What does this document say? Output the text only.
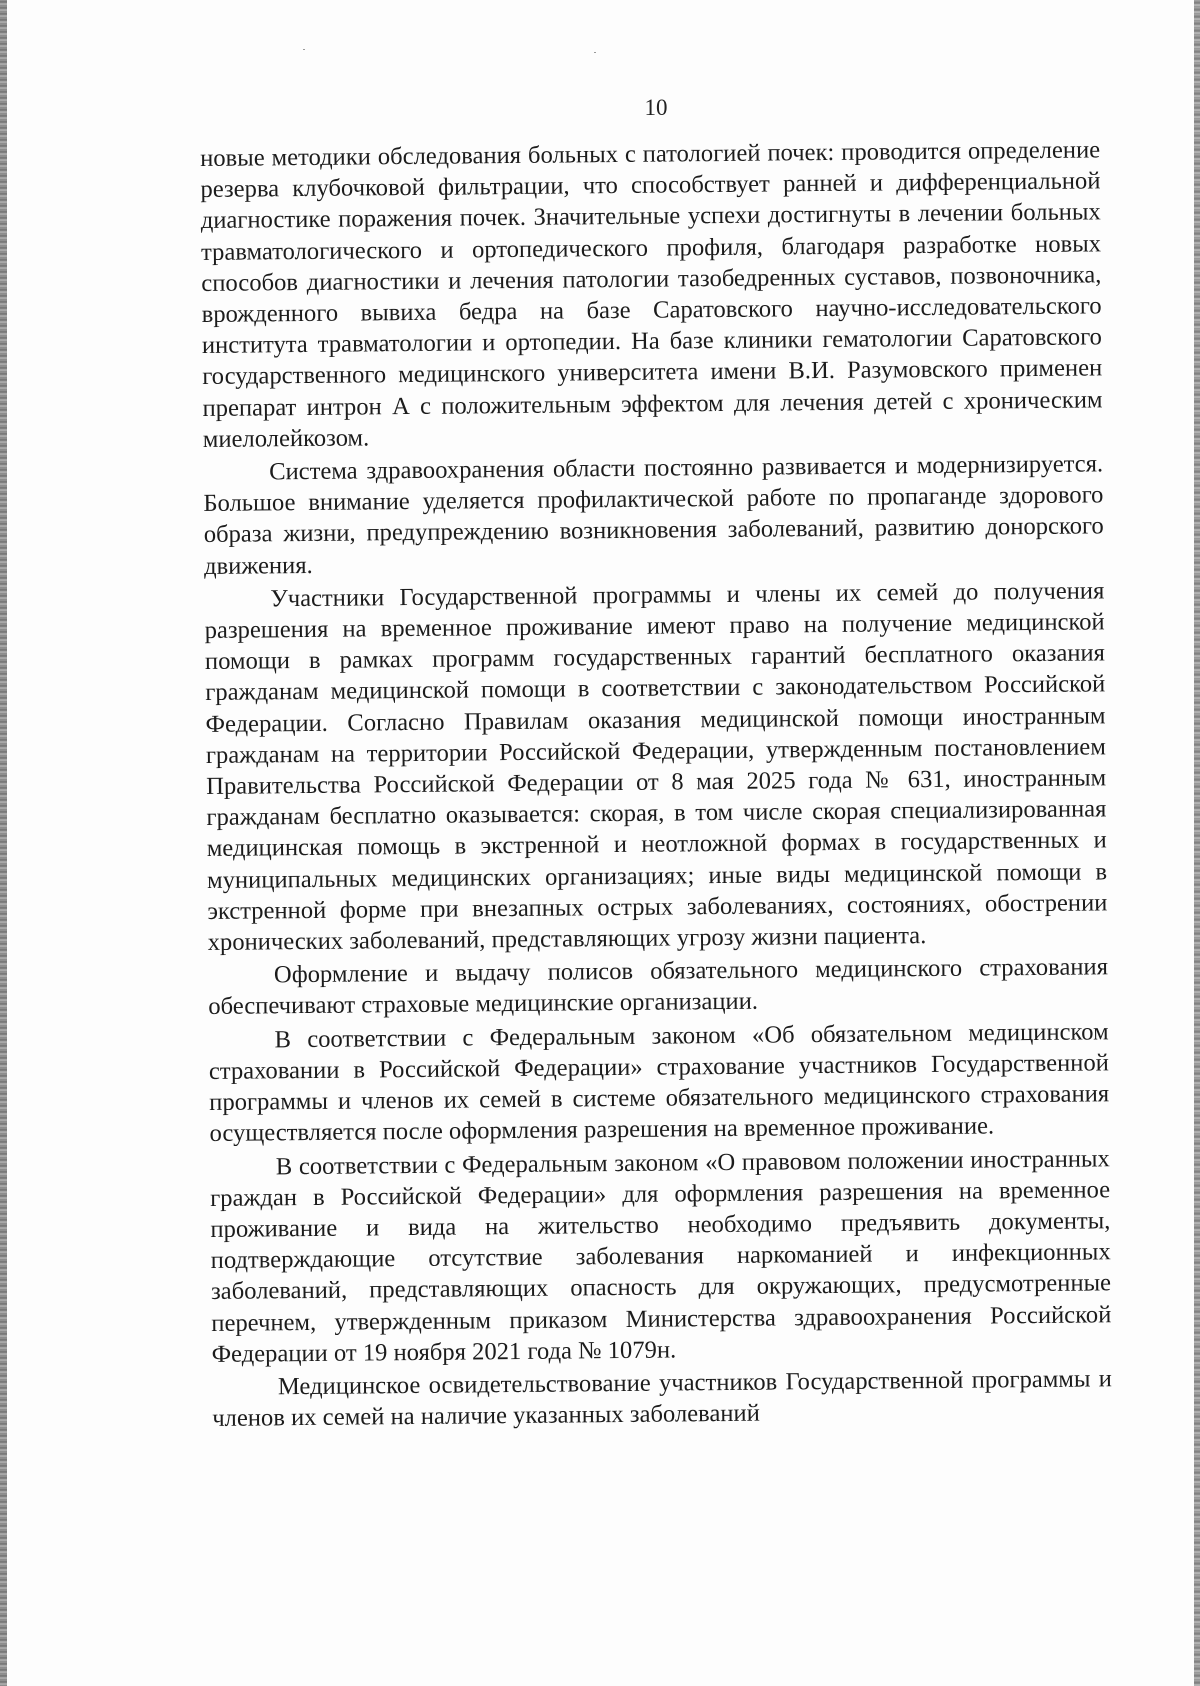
10

новые методики обследования больных с патологией почек: проводится определение резерва клубочковой фильтрации, что способствует ранней и дифференциальной диагностике поражения почек. Значительные успехи достигнуты в лечении больных травматологического и ортопедического профиля, благодаря разработке новых способов диагностики и лечения патологии тазобедренных суставов, позвоночника, врожденного вывиха бедра на базе Саратовского научно-исследовательского института травматологии и ортопедии. На базе клиники гематологии Саратовского государственного медицинского университета имени В.И. Разумовского применен препарат интрон А с положительным эффектом для лечения детей с хроническим миелолейкозом.

Система здравоохранения области постоянно развивается и модернизируется. Большое внимание уделяется профилактической работе по пропаганде здорового образа жизни, предупреждению возникновения заболеваний, развитию донорского движения.

Участники Государственной программы и члены их семей до получения разрешения на временное проживание имеют право на получение медицинской помощи в рамках программ государственных гарантий бесплатного оказания гражданам медицинской помощи в соответствии с законодательством Российской Федерации. Согласно Правилам оказания медицинской помощи иностранным гражданам на территории Российской Федерации, утвержденным постановлением Правительства Российской Федерации от 8 мая 2025 года № 631, иностранным гражданам бесплатно оказывается: скорая, в том числе скорая специализированная медицинская помощь в экстренной и неотложной формах в государственных и муниципальных медицинских организациях; иные виды медицинской помощи в экстренной форме при внезапных острых заболеваниях, состояниях, обострении хронических заболеваний, представляющих угрозу жизни пациента.

Оформление и выдачу полисов обязательного медицинского страхования обеспечивают страховые медицинские организации.

В соответствии с Федеральным законом «Об обязательном медицинском страховании в Российской Федерации» страхование участников Государственной программы и членов их семей в системе обязательного медицинского страхования осуществляется после оформления разрешения на временное проживание.

В соответствии с Федеральным законом «О правовом положении иностранных граждан в Российской Федерации» для оформления разрешения на временное проживание и вида на жительство необходимо предъявить документы, подтверждающие отсутствие заболевания наркоманией и инфекционных заболеваний, представляющих опасность для окружающих, предусмотренные перечнем, утвержденным приказом Министерства здравоохранения Российской Федерации от 19 ноября 2021 года № 1079н.

Медицинское освидетельствование участников Государственной программы и членов их семей на наличие указанных заболеваний
